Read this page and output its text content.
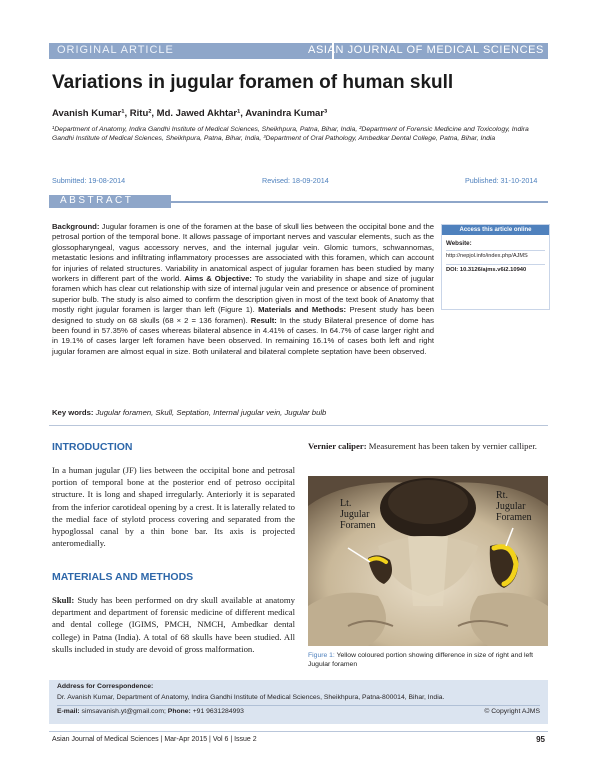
ORIGINAL ARTICLE	ASIAN JOURNAL OF MEDICAL SCIENCES
Variations in jugular foramen of human skull
Avanish Kumar¹, Ritu², Md. Jawed Akhtar¹, Avanindra Kumar³
¹Department of Anatomy, Indira Gandhi Institute of Medical Sciences, Sheikhpura, Patna, Bihar, India, ²Department of Forensic Medicine and Toxicology, Indira Gandhi Institute of Medical Sciences, Sheikhpura, Patna, Bihar, India, ³Department of Oral Pathology, Ambedkar Dental College, Patna, Bihar, India
Submitted: 19-08-2014	Revised: 18-09-2014	Published: 31-10-2014
ABSTRACT
Background: Jugular foramen is one of the foramen at the base of skull lies between the occipital bone and the petrosal portion of the temporal bone. It allows passage of important nerves and vascular elements, such as the glossopharyngeal, vagus accessory nerves, and the internal jugular vein. Glomic tumors, schwannomas, metastatic lesions and infiltrating inflammatory processes are associated with this foramen, which can account for injuries of related structures. Variability in anatomical aspect of jugular foramen has been studied by many workers in different part of the world. Aims & Objective: To study the variability in shape and size of jugular foramen which has clear cut relationship with size of internal jugular vein and presence or absence of prominent superior bulb. The study is also aimed to confirm the description given in most of the text book of Anatomy that mostly right jugular foramen is larger than left (Figure 1). Materials and Methods: Present study has been designed to study on 68 skulls (68 × 2 = 136 foramen). Result: In the study Bilateral presence of dome has been found in 57.35% of cases whereas bilateral absence in 4.41% of cases. In 64.7% of case larger right and in 19.1% of cases larger left foramen have been observed. In remaining 16.1% of cases both left and right jugular foramen are almost equal in size. Both unilateral and bilateral complete septation have been observed.
Access this article online
Website:
http://nepjol.info/index.php/AJMS
DOI: 10.3126/ajms.v6i2.10940
Key words: Jugular foramen, Skull, Septation, Internal jugular vein, Jugular bulb
INTRODUCTION
In a human jugular (JF) lies between the occipital bone and petrosal portion of temporal bone at the posterior end of petroso occipital structure. It is long and shaped irregularly. Anteriorly it is separated from the inferior carotideal opening by a crest. It is laterally related to the medial face of stylotd process covering and separated from the hypoglossal canal by a thin bone bar. Its axis is projected anteromedially.
MATERIALS AND METHODS
Skull: Study has been performed on dry skull available at anatomy department and department of forensic medicine of different medical and dental college (IGIMS, PMCH, NMCH, Ambedkar dental college) in Patna (India). A total of 68 skulls have been studied. All skulls included in study are devoid of gross malformation.
Vernier caliper: Measurement has been taken by vernier calliper.
Lt.
Jugular
Foramen
Rt.
Jugular
Foramen
Figure 1: Yellow coloured portion showing difference in size of right and left Jugular foramen
Address for Correspondence:
Dr. Avanish Kumar, Department of Anatomy, Indira Gandhi Institute of Medical Sciences, Sheikhpura, Patna-800014, Bihar, India.
E-mail: simsavanish.yt@gmail.com; Phone: +91 9631284993	© Copyright AJMS
Asian Journal of Medical Sciences | Mar-Apr 2015 | Vol 6 | Issue 2	95
